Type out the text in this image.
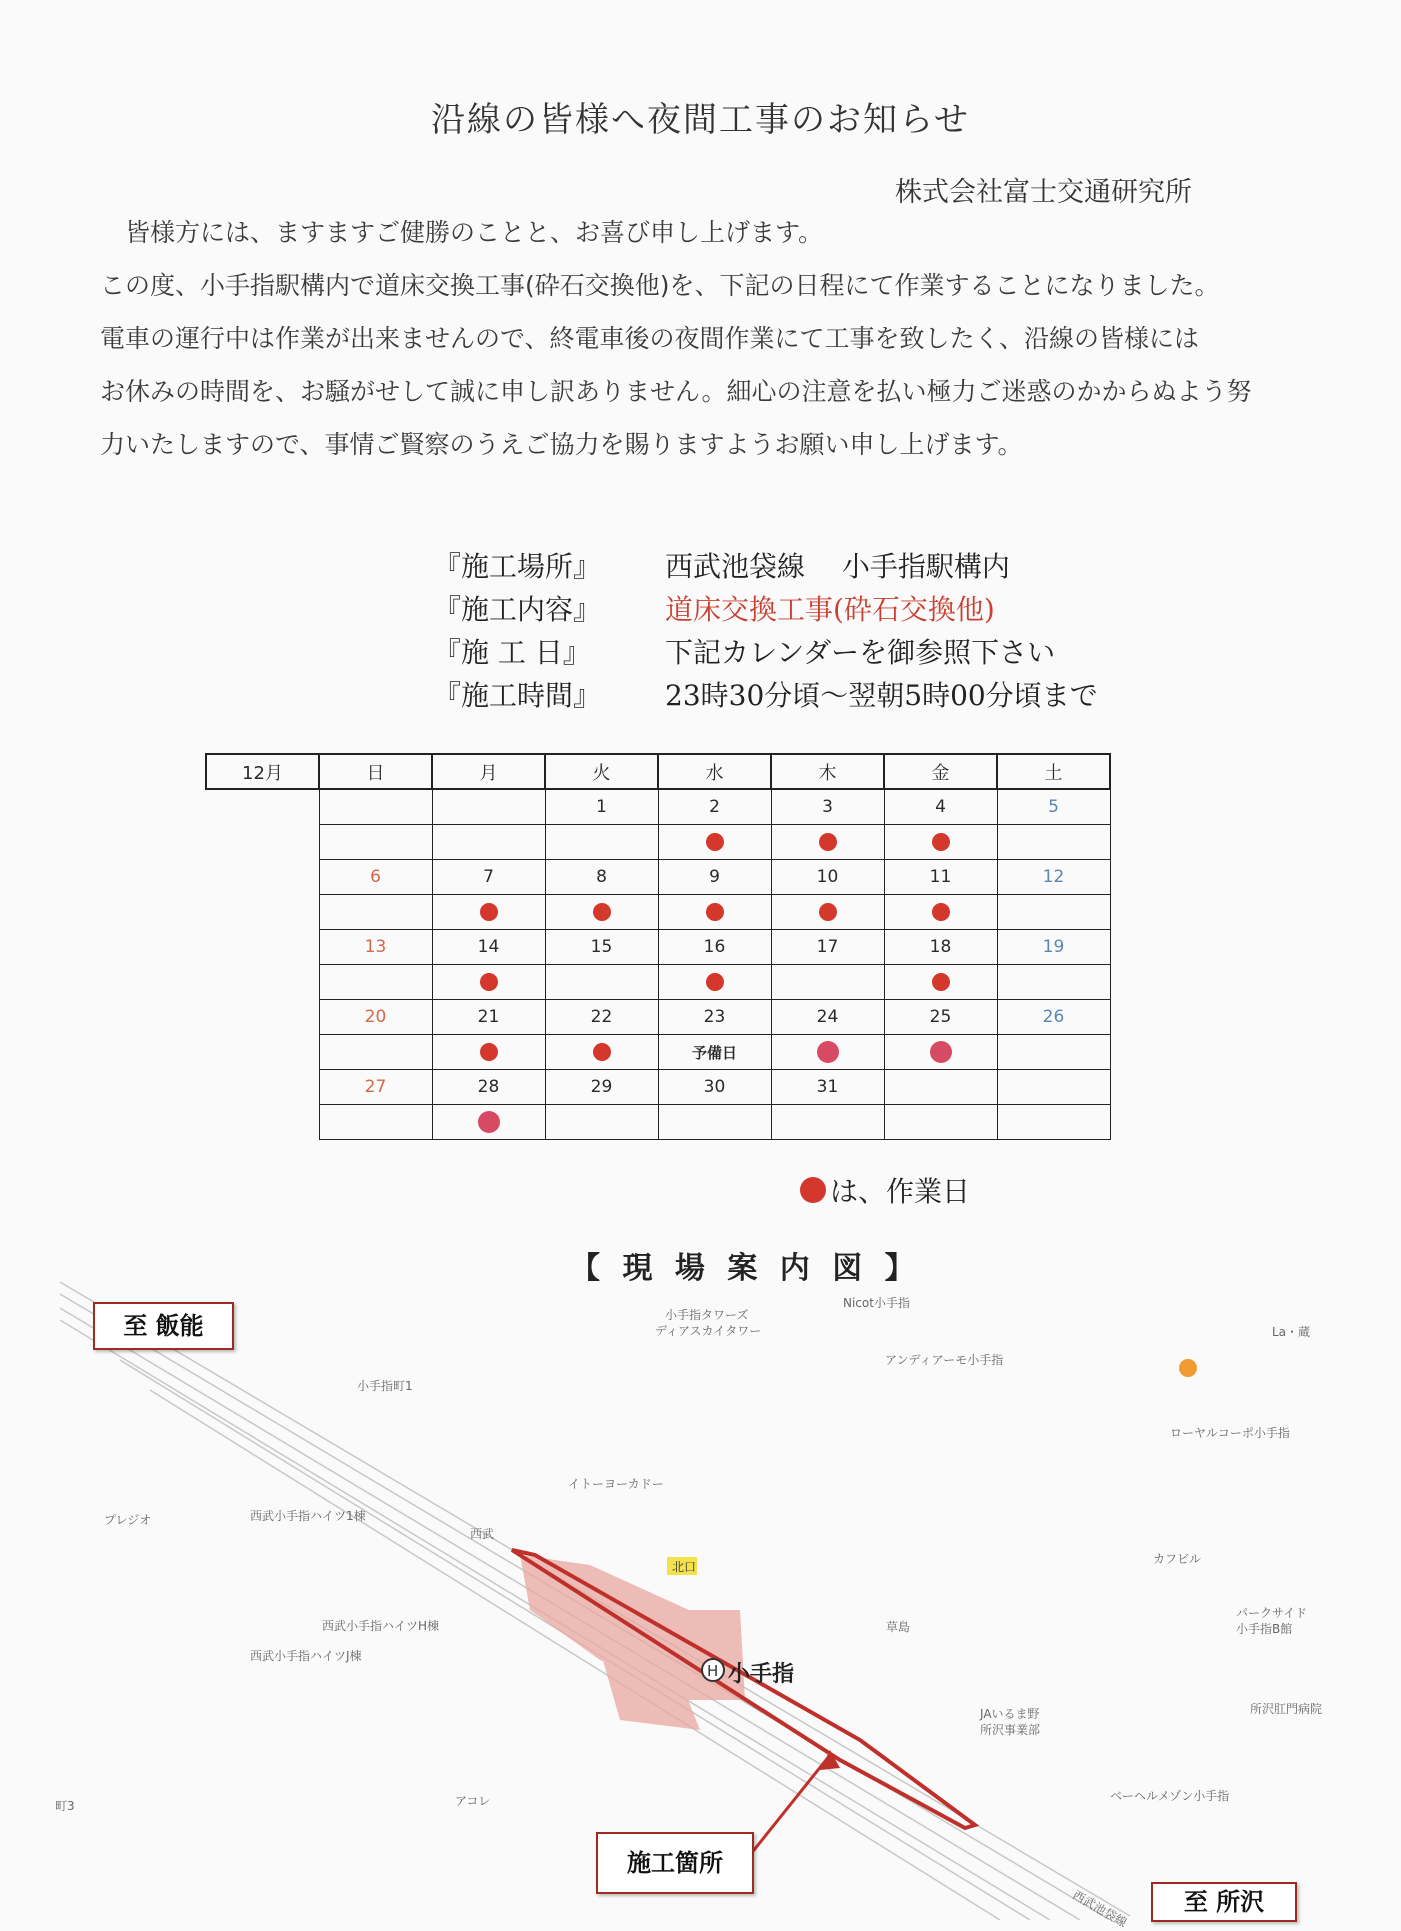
沿線の皆様へ夜間工事のお知らせ
株式会社富士交通研究所
　皆様方には、ますますご健勝のことと、お喜び申し上げます。
この度、小手指駅構内で道床交換工事(砕石交換他)を、下記の日程にて作業することになりました。
電車の運行中は作業が出来ませんので、終電車後の夜間作業にて工事を致したく、沿線の皆様には
お休みの時間を、お騒がせして誠に申し訳ありません。細心の注意を払い極力ご迷惑のかからぬよう努
力いたしますので、事情ご賢察のうえご協力を賜りますようお願い申し上げます。
『施工場所』	西武池袋線　 小手指駅構内
『施工内容』	道床交換工事(砕石交換他)
『施 工 日』	下記カレンダーを御参照下さい
『施工時間』	23時30分頃～翌朝5時00分頃まで
12月	日	月	火	水	木	金	土
			1	2	3	4	5

	6	7	8	9	10	11	12

	13	14	15	16	17	18	19

	20	21	22	23	24	25	26
				予備日			
	27	28	29	30	31		

は、作業日
【 現 場 案 内 図 】
H
至 飯能
至 所沢
施工箇所
小手指
小手指タワーズ
ディアスカイタワー
Nicot小手指
La・蔵
アンディアーモ小手指
小手指町1
ローヤルコーポ小手指
イトーヨーカドー
プレジオ	西武小手指ハイツ1棟
西武
北口
カフビル
西武小手指ハイツH棟
パークサイド
小手指B館
西武小手指ハイツJ棟
草島
所沢肛門病院
JAいるま野
所沢事業部
アコレ
町3
ベーヘルメゾン小手指
西武池袋線
